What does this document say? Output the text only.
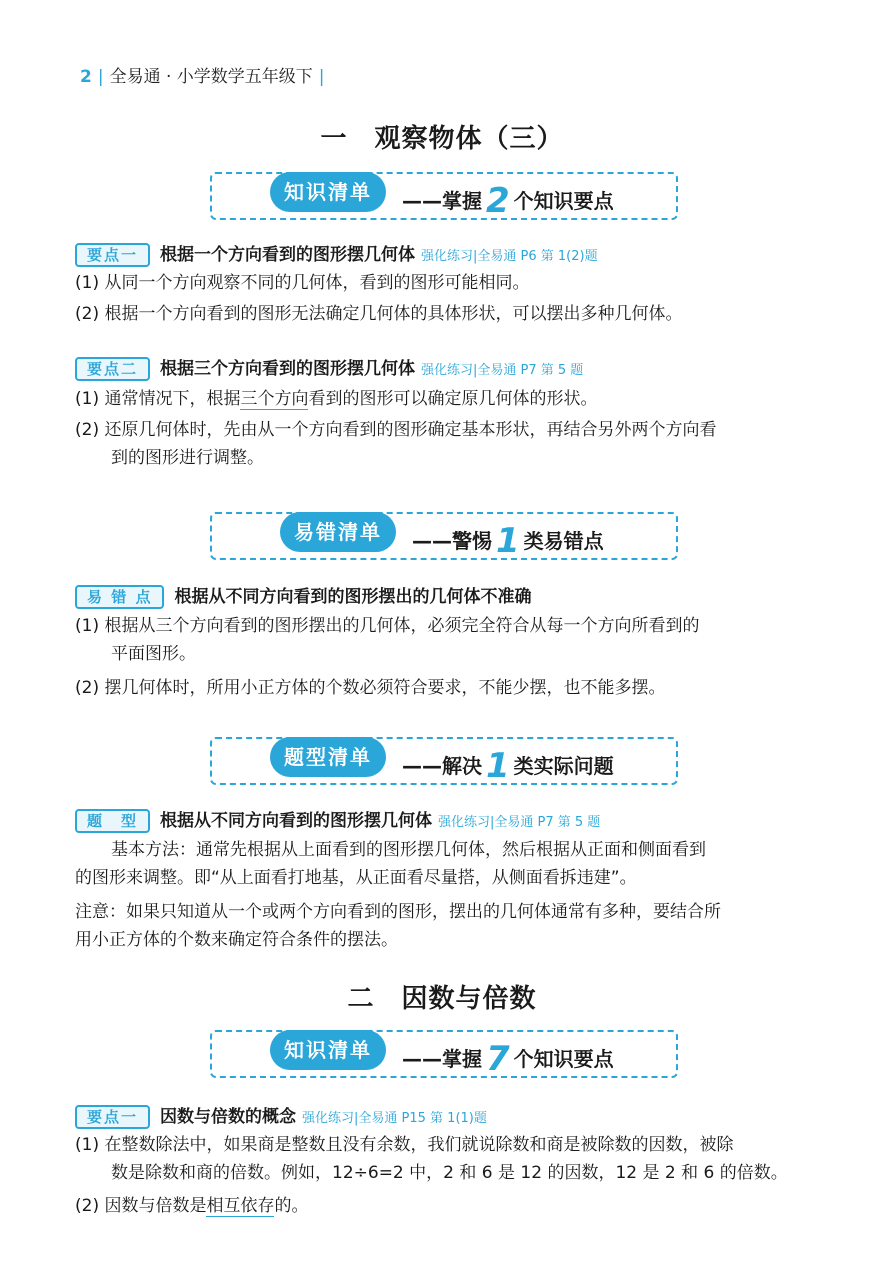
2 | 全易通 · 小学数学五年级下 |
一　观察物体（三）
知识清单	——掌握 2 个知识要点
要点一 根据一个方向看到的图形摆几何体 强化练习|全易通 P6 第 1(2)题
(1) 从同一个方向观察不同的几何体，看到的图形可能相同。
(2) 根据一个方向看到的图形无法确定几何体的具体形状，可以摆出多种几何体。
要点二 根据三个方向看到的图形摆几何体 强化练习|全易通 P7 第 5 题
(1) 通常情况下，根据三个方向看到的图形可以确定原几何体的形状。
(2) 还原几何体时，先由从一个方向看到的图形确定基本形状，再结合另外两个方向看
到的图形进行调整。
易错清单	——警惕 1 类易错点
易 错 点 根据从不同方向看到的图形摆出的几何体不准确
(1) 根据从三个方向看到的图形摆出的几何体，必须完全符合从每一个方向所看到的
平面图形。
(2) 摆几何体时，所用小正方体的个数必须符合要求，不能少摆，也不能多摆。
题型清单	——解决 1 类实际问题
题　型 根据从不同方向看到的图形摆几何体 强化练习|全易通 P7 第 5 题
基本方法：通常先根据从上面看到的图形摆几何体，然后根据从正面和侧面看到
的图形来调整。即“从上面看打地基，从正面看尽量搭，从侧面看拆违建”。
注意：如果只知道从一个或两个方向看到的图形，摆出的几何体通常有多种，要结合所
用小正方体的个数来确定符合条件的摆法。
二　因数与倍数
知识清单	——掌握 7 个知识要点
要点一 因数与倍数的概念 强化练习|全易通 P15 第 1(1)题
(1) 在整数除法中，如果商是整数且没有余数，我们就说除数和商是被除数的因数，被除
数是除数和商的倍数。例如，12÷6=2 中，2 和 6 是 12 的因数，12 是 2 和 6 的倍数。
(2) 因数与倍数是相互依存的。
